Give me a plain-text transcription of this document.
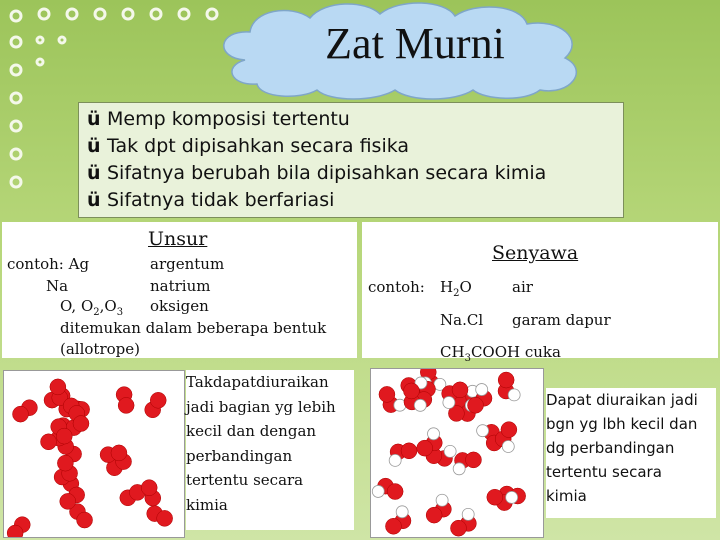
Zat Murni
ü Memp komposisi tertentu
ü Tak dpt dipisahkan secara fisika
ü Sifatnya berubah bila dipisahkan secara kimia
ü Sifatnya tidak berfariasi
Unsur
contoh: Ag	argentum
Na	natrium
O, $O_2,O_3$ oksigen
ditemukan dalam beberapa bentuk
(allotrope)
Senyawa
contoh: $H_2O$	air
Na.Cl garam dapur
$CH_3COOH$ cuka
Takdapatdiuraikan
jadi bagian yg lebih
kecil dan dengan
perbandingan
tertentu secara
kimia
Dapat diuraikan jadi
bgn yg lbh kecil dan
dg perbandingan
tertentu secara
kimia
